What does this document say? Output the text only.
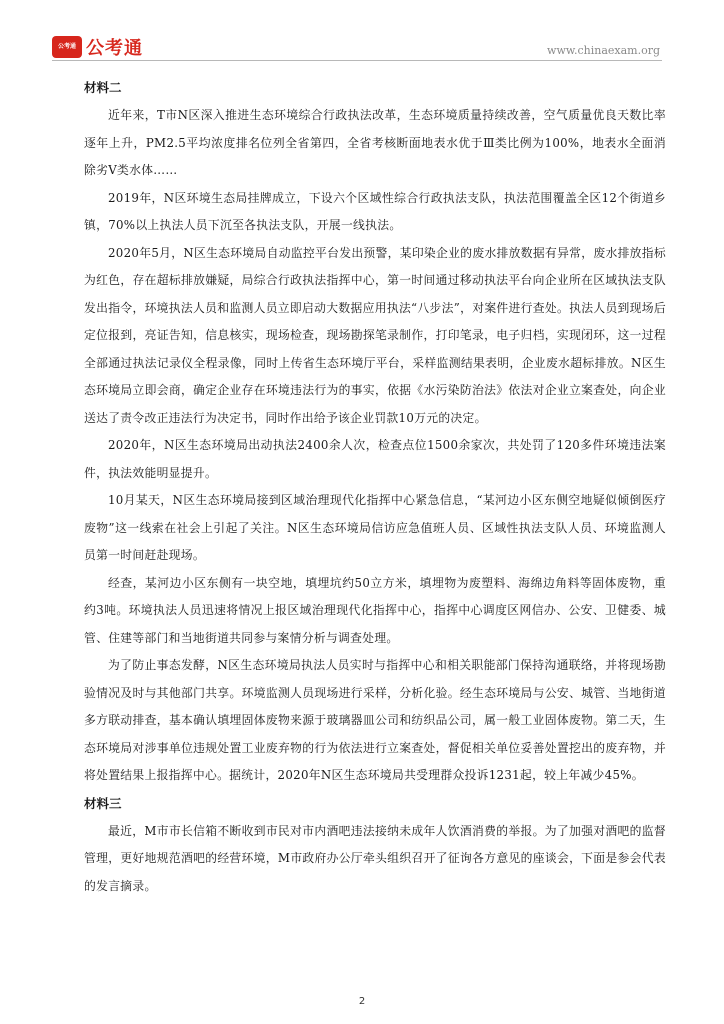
公考通 公考通	www.chinaexam.org

材料二

近年来，T市N区深入推进生态环境综合行政执法改革，生态环境质量持续改善，空气质量优良天数比率逐年上升，PM2.5平均浓度排名位列全省第四，全省考核断面地表水优于Ⅲ类比例为100%，地表水全面消除劣Ⅴ类水体……

2019年，N区环境生态局挂牌成立，下设六个区域性综合行政执法支队，执法范围覆盖全区12个街道乡镇，70%以上执法人员下沉至各执法支队，开展一线执法。

2020年5月，N区生态环境局自动监控平台发出预警，某印染企业的废水排放数据有异常，废水排放指标为红色，存在超标排放嫌疑，局综合行政执法指挥中心，第一时间通过移动执法平台向企业所在区域执法支队发出指令，环境执法人员和监测人员立即启动大数据应用执法“八步法”，对案件进行查处。执法人员到现场后定位报到，亮证告知，信息核实，现场检查，现场勘探笔录制作，打印笔录，电子归档，实现闭环，这一过程全部通过执法记录仪全程录像，同时上传省生态环境厅平台，采样监测结果表明，企业废水超标排放。N区生态环境局立即会商，确定企业存在环境违法行为的事实，依据《水污染防治法》依法对企业立案查处，向企业送达了责令改正违法行为决定书，同时作出给予该企业罚款10万元的决定。

2020年，N区生态环境局出动执法2400余人次，检查点位1500余家次，共处罚了120多件环境违法案件，执法效能明显提升。

10月某天，N区生态环境局接到区域治理现代化指挥中心紧急信息，“某河边小区东侧空地疑似倾倒医疗废物”这一线索在社会上引起了关注。N区生态环境局信访应急值班人员、区域性执法支队人员、环境监测人员第一时间赶赴现场。

经查，某河边小区东侧有一块空地，填埋坑约50立方米，填埋物为废塑料、海绵边角料等固体废物，重约3吨。环境执法人员迅速将情况上报区域治理现代化指挥中心，指挥中心调度区网信办、公安、卫健委、城管、住建等部门和当地街道共同参与案情分析与调查处理。

为了防止事态发酵，N区生态环境局执法人员实时与指挥中心和相关职能部门保持沟通联络，并将现场勘验情况及时与其他部门共享。环境监测人员现场进行采样，分析化验。经生态环境局与公安、城管、当地街道多方联动排查，基本确认填埋固体废物来源于玻璃器皿公司和纺织品公司，属一般工业固体废物。第二天，生态环境局对涉事单位违规处置工业废弃物的行为依法进行立案查处，督促相关单位妥善处置挖出的废弃物，并将处置结果上报指挥中心。据统计，2020年N区生态环境局共受理群众投诉1231起，较上年减少45%。

材料三

最近，M市市长信箱不断收到市民对市内酒吧违法接纳未成年人饮酒消费的举报。为了加强对酒吧的监督管理，更好地规范酒吧的经营环境，M市政府办公厅牵头组织召开了征询各方意见的座谈会，下面是参会代表的发言摘录。

2
